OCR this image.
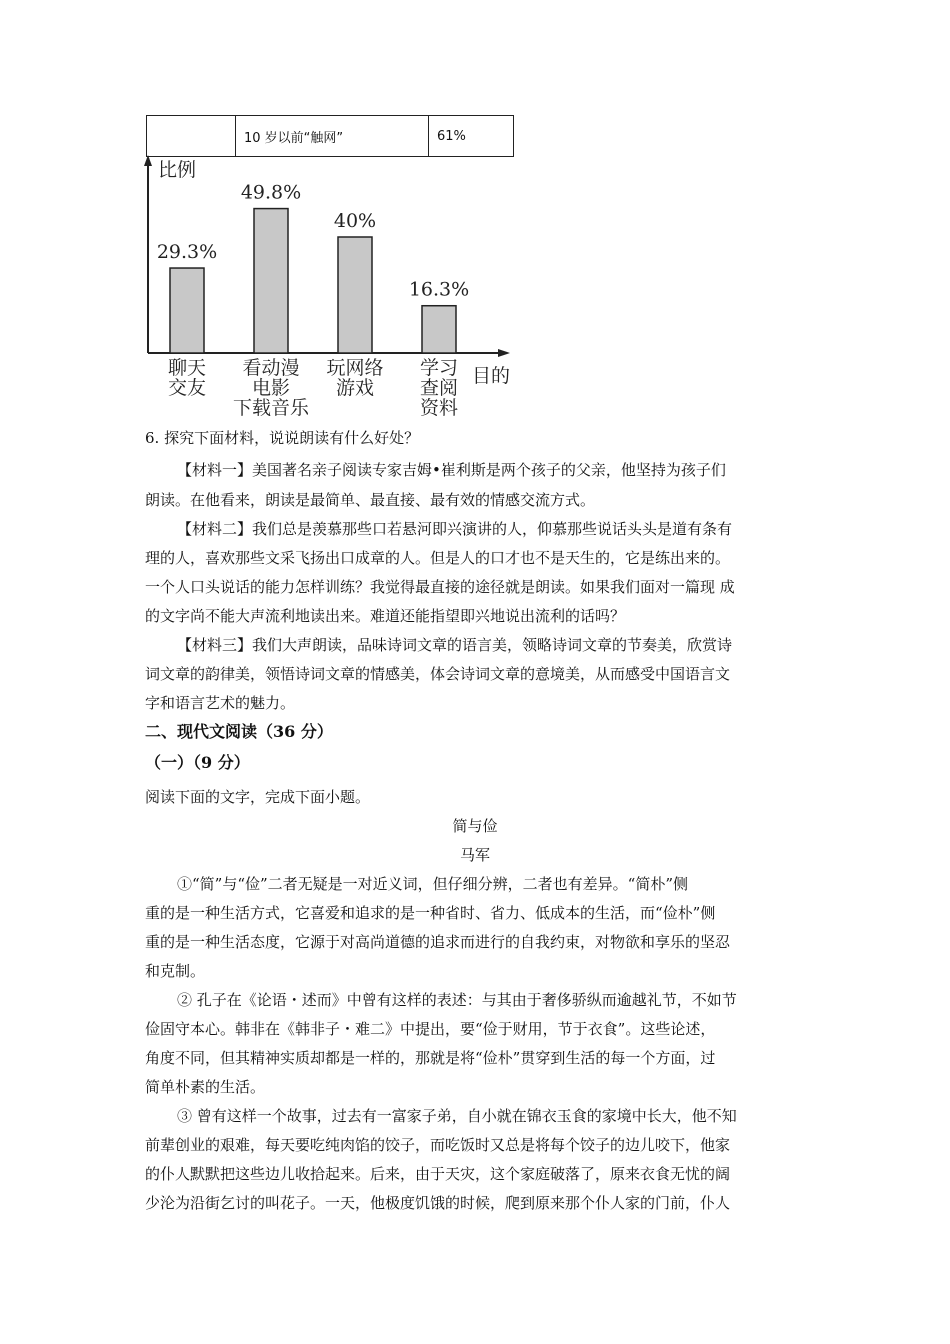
	10 岁以前“触网”	61%
比例
目的
29.3%
聊天
交友
49.8%
看动漫
电影
下载音乐
40%
玩网络
游戏
16.3%
学习
查阅
资料
6. 探究下面材料，说说朗读有什么好处？
【材料一】美国著名亲子阅读专家吉姆•崔利斯是两个孩子的父亲，他坚持为孩子们
朗读。在他看来，朗读是最简单、最直接、最有效的情感交流方式。
【材料二】我们总是羡慕那些口若悬河即兴演讲的人，仰慕那些说话头头是道有条有
理的人，喜欢那些文采飞扬出口成章的人。但是人的口才也不是天生的，它是练出来的。
一个人口头说话的能力怎样训练？我觉得最直接的途径就是朗读。如果我们面对一篇现 成
的文字尚不能大声流利地读出来。难道还能指望即兴地说出流利的话吗？
【材料三】我们大声朗读，品味诗词文章的语言美，领略诗词文章的节奏美，欣赏诗
词文章的韵律美，领悟诗词文章的情感美，体会诗词文章的意境美，从而感受中国语言文
字和语言艺术的魅力。
二、现代文阅读（36 分）
（一）（9 分）
阅读下面的文字，完成下面小题。
简与俭
马军
①“简”与“俭”二者无疑是一对近义词，但仔细分辨，二者也有差异。“简朴”侧
重的是一种生活方式，它喜爱和追求的是一种省时、省力、低成本的生活，而“俭朴”侧
重的是一种生活态度，它源于对高尚道德的追求而进行的自我约束，对物欲和享乐的坚忍
和克制。
② 孔子在《论语・述而》中曾有这样的表述：与其由于奢侈骄纵而逾越礼节，不如节
俭固守本心。韩非在《韩非子・难二》中提出，要“俭于财用，节于衣食”。这些论述，
角度不同，但其精神实质却都是一样的，那就是将“俭朴”贯穿到生活的每一个方面，过
简单朴素的生活。
③ 曾有这样一个故事，过去有一富家子弟，自小就在锦衣玉食的家境中长大，他不知
前辈创业的艰难，每天要吃纯肉馅的饺子，而吃饭时又总是将每个饺子的边儿咬下，他家
的仆人默默把这些边儿收拾起来。后来，由于天灾，这个家庭破落了，原来衣食无忧的阔
少沦为沿街乞讨的叫花子。一天，他极度饥饿的时候，爬到原来那个仆人家的门前，仆人
